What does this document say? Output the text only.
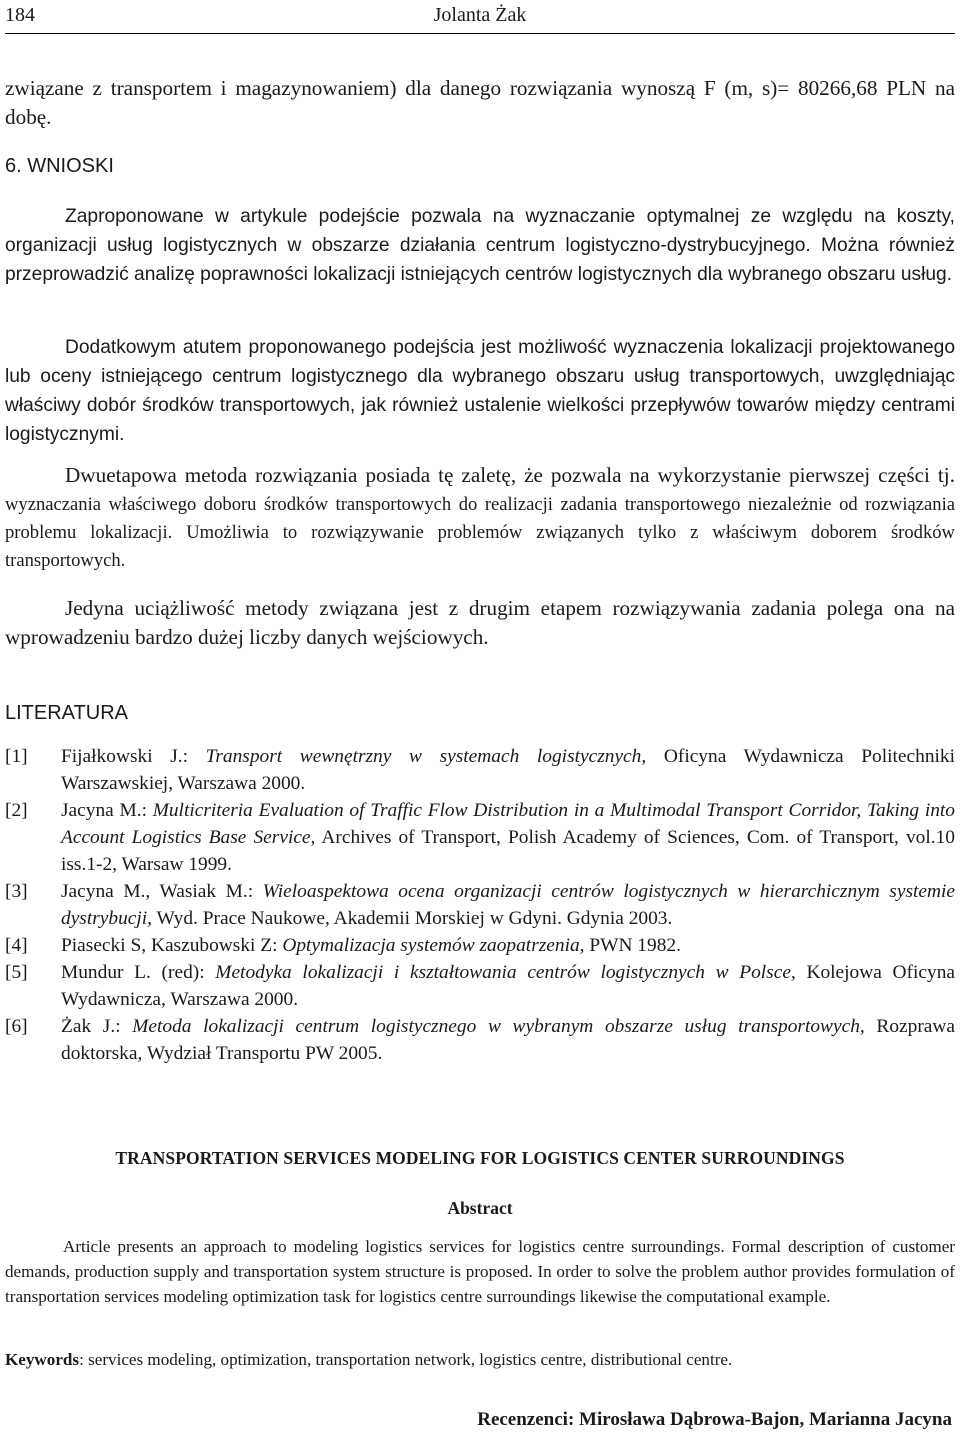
184	Jolanta Żak

związane z transportem i magazynowaniem) dla danego rozwiązania wynoszą F (m, s)= 80266,68 PLN na dobę.

6. WNIOSKI

Zaproponowane w artykule podejście pozwala na wyznaczanie optymalnej ze względu na koszty, organizacji usług logistycznych w obszarze działania centrum logistyczno-dystrybucyjnego. Można również przeprowadzić analizę poprawności lokalizacji istniejących centrów logistycznych dla wybranego obszaru usług.

Dodatkowym atutem proponowanego podejścia jest możliwość wyznaczenia lokalizacji projektowanego lub oceny istniejącego centrum logistycznego dla wybranego obszaru usług transportowych, uwzględniając właściwy dobór środków transportowych, jak również ustalenie wielkości przepływów towarów między centrami logistycznymi.

Dwuetapowa metoda rozwiązania posiada tę zaletę, że pozwala na wykorzystanie pierwszej części tj. wyznaczania właściwego doboru środków transportowych do realizacji zadania transportowego niezależnie od rozwiązania problemu lokalizacji. Umożliwia to rozwiązywanie problemów związanych tylko z właściwym doborem środków transportowych.

Jedyna uciążliwość metody związana jest z drugim etapem rozwiązywania zadania polega ona na wprowadzeniu bardzo dużej liczby danych wejściowych.

LITERATURA
[1] Fijałkowski J.: Transport wewnętrzny w systemach logistycznych, Oficyna Wydawnicza Politechniki Warszawskiej, Warszawa 2000.
[2] Jacyna M.: Multicriteria Evaluation of Traffic Flow Distribution in a Multimodal Transport Corridor, Taking into Account Logistics Base Service, Archives of Transport, Polish Academy of Sciences, Com. of Transport, vol.10 iss.1-2, Warsaw 1999.
[3] Jacyna M., Wasiak M.: Wieloaspektowa ocena organizacji centrów logistycznych w hierarchicznym systemie dystrybucji, Wyd. Prace Naukowe, Akademii Morskiej w Gdyni. Gdynia 2003.
[4] Piasecki S, Kaszubowski Z: Optymalizacja systemów zaopatrzenia, PWN 1982.
[5] Mundur L. (red): Metodyka lokalizacji i kształtowania centrów logistycznych w Polsce, Kolejowa Oficyna Wydawnicza, Warszawa 2000.
[6] Żak J.: Metoda lokalizacji centrum logistycznego w wybranym obszarze usług transportowych, Rozprawa doktorska, Wydział Transportu PW 2005.
TRANSPORTATION SERVICES MODELING FOR LOGISTICS CENTER SURROUNDINGS
Abstract

Article presents an approach to modeling logistics services for logistics centre surroundings. Formal description of customer demands, production supply and transportation system structure is proposed. In order to solve the problem author provides formulation of transportation services modeling optimization task for logistics centre surroundings likewise the computational example.

Keywords: services modeling, optimization, transportation network, logistics centre, distributional centre.

Recenzenci: Mirosława Dąbrowa-Bajon, Marianna Jacyna
